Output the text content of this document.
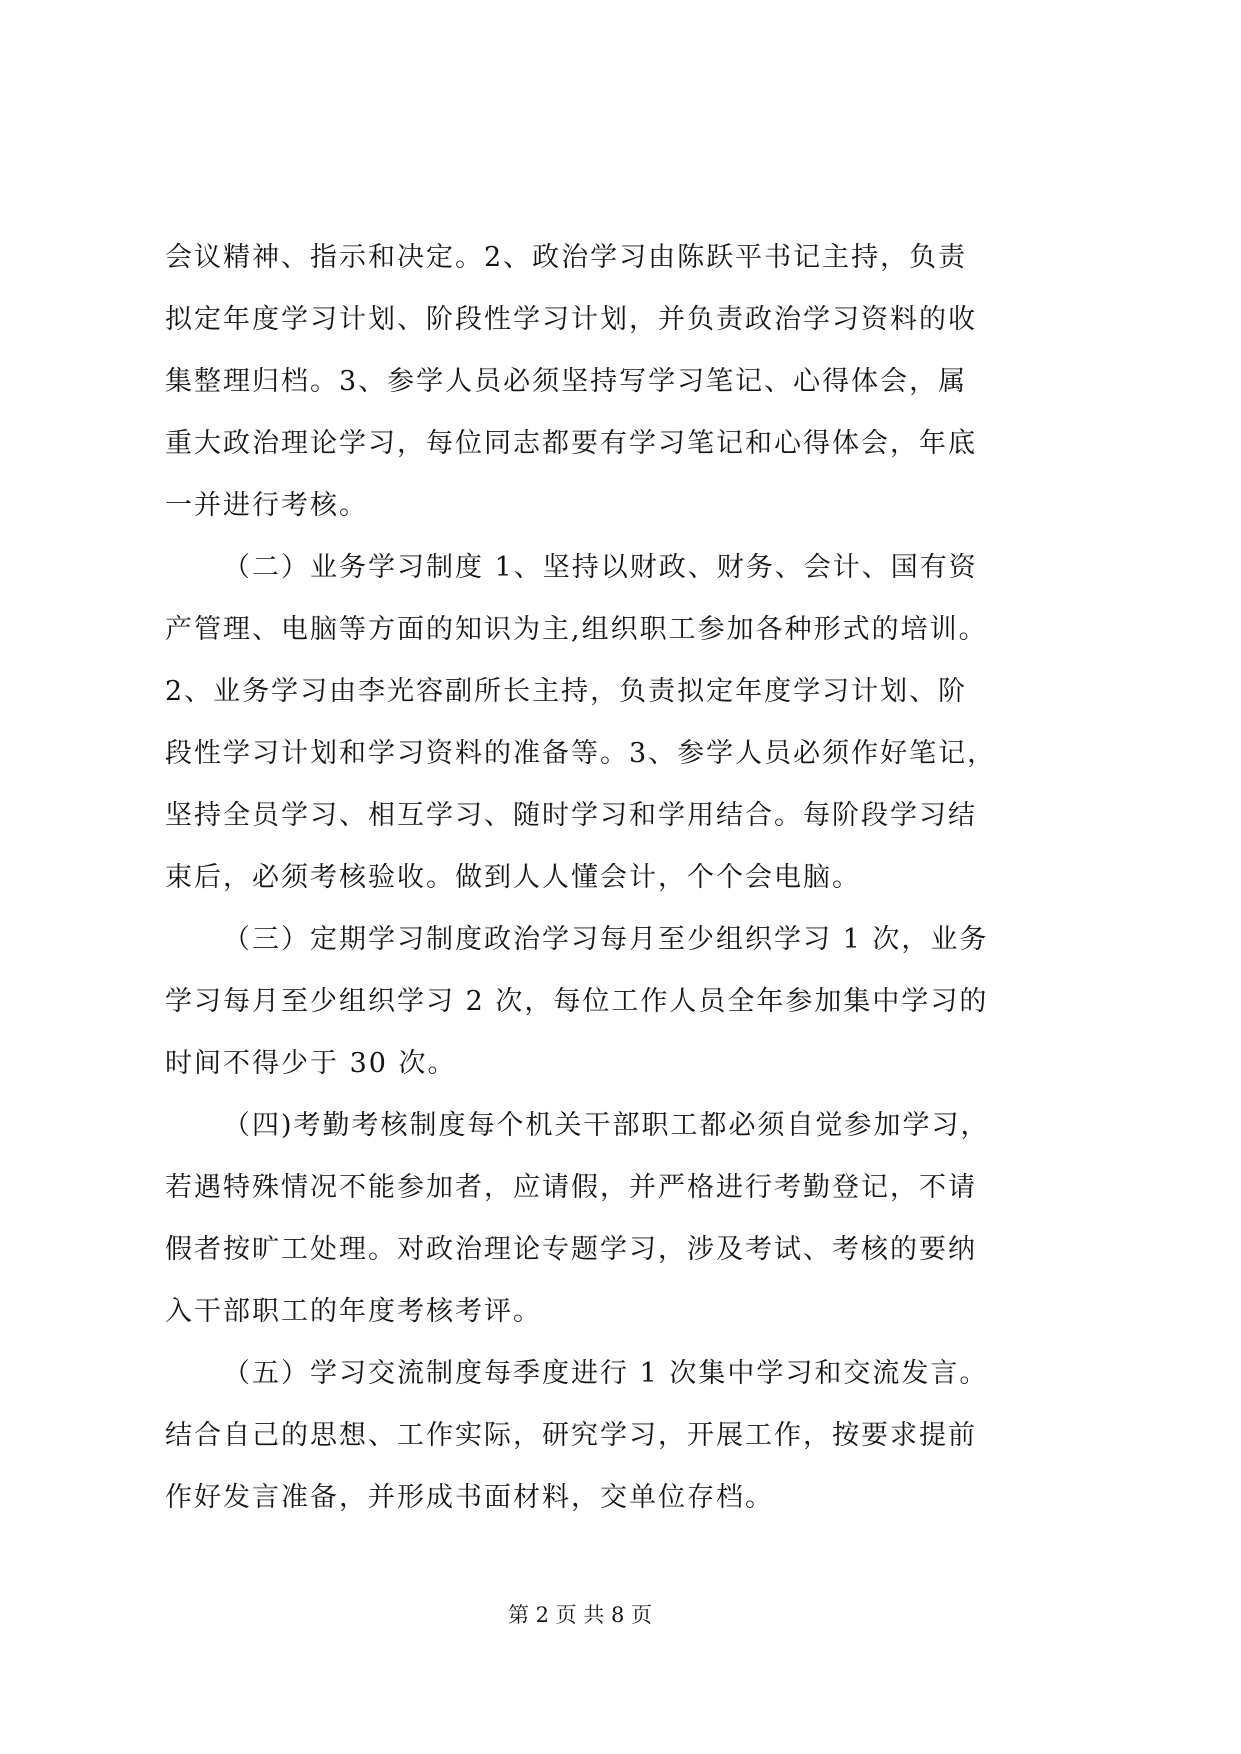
会议精神、指示和决定。2、政治学习由陈跃平书记主持，负责
拟定年度学习计划、阶段性学习计划，并负责政治学习资料的收
集整理归档。3、参学人员必须坚持写学习笔记、心得体会，属
重大政治理论学习，每位同志都要有学习笔记和心得体会，年底
一并进行考核。
（二）业务学习制度 1、坚持以财政、财务、会计、国有资
产管理、电脑等方面的知识为主,组织职工参加各种形式的培训。
2、业务学习由李光容副所长主持，负责拟定年度学习计划、阶
段性学习计划和学习资料的准备等。3、参学人员必须作好笔记，
坚持全员学习、相互学习、随时学习和学用结合。每阶段学习结
束后，必须考核验收。做到人人懂会计，个个会电脑。
（三）定期学习制度政治学习每月至少组织学习 1 次，业务
学习每月至少组织学习 2 次，每位工作人员全年参加集中学习的
时间不得少于 30 次。
（四)考勤考核制度每个机关干部职工都必须自觉参加学习，
若遇特殊情况不能参加者，应请假，并严格进行考勤登记，不请
假者按旷工处理。对政治理论专题学习，涉及考试、考核的要纳
入干部职工的年度考核考评。
（五）学习交流制度每季度进行 1 次集中学习和交流发言。
结合自己的思想、工作实际，研究学习，开展工作，按要求提前
作好发言准备，并形成书面材料，交单位存档。
第 2 页 共 8 页
